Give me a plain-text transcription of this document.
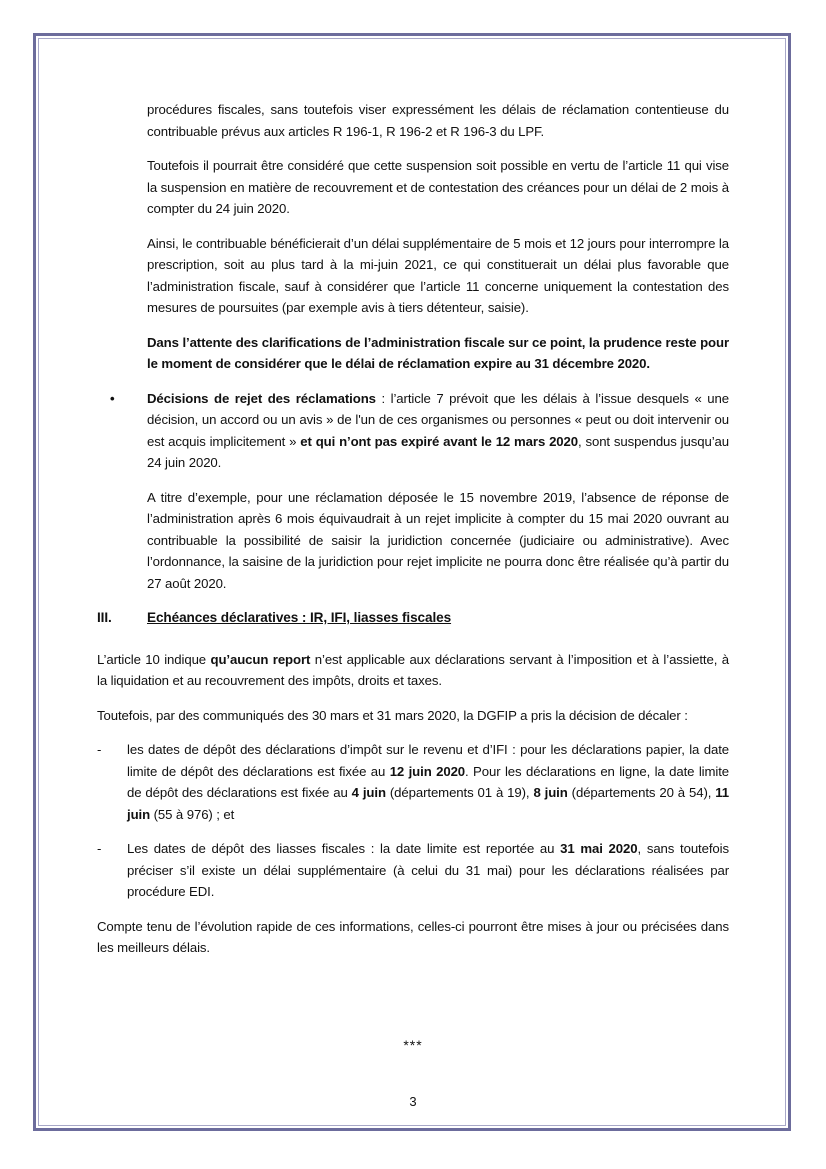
procédures fiscales, sans toutefois viser expressément les délais de réclamation contentieuse du contribuable prévus aux articles R 196-1, R 196-2 et R 196-3 du LPF.

Toutefois il pourrait être considéré que cette suspension soit possible en vertu de l’article 11 qui vise la suspension en matière de recouvrement et de contestation des créances pour un délai de 2 mois à compter du 24 juin 2020.

Ainsi, le contribuable bénéficierait d’un délai supplémentaire de 5 mois et 12 jours pour interrompre la prescription, soit au plus tard à la mi-juin 2021, ce qui constituerait un délai plus favorable que l’administration fiscale, sauf à considérer que l’article 11 concerne uniquement la contestation des mesures de poursuites (par exemple avis à tiers détenteur, saisie).

Dans l’attente des clarifications de l’administration fiscale sur ce point, la prudence reste pour le moment de considérer que le délai de réclamation expire au 31 décembre 2020.

• Décisions de rejet des réclamations : l’article 7 prévoit que les délais à l’issue desquels « une décision, un accord ou un avis » de l'un de ces organismes ou personnes « peut ou doit intervenir ou est acquis implicitement » et qui n’ont pas expiré avant le 12 mars 2020, sont suspendus jusqu’au 24 juin 2020.

A titre d’exemple, pour une réclamation déposée le 15 novembre 2019, l’absence de réponse de l’administration après 6 mois équivaudrait à un rejet implicite à compter du 15 mai 2020 ouvrant au contribuable la possibilité de saisir la juridiction concernée (judiciaire ou administrative). Avec l’ordonnance, la saisine de la juridiction pour rejet implicite ne pourra donc être réalisée qu’à partir du 27 août 2020.

III.	Echéances déclaratives : IR, IFI, liasses fiscales

L’article 10 indique qu’aucun report n’est applicable aux déclarations servant à l’imposition et à l’assiette, à la liquidation et au recouvrement des impôts, droits et taxes.

Toutefois, par des communiqués des 30 mars et 31 mars 2020, la DGFIP a pris la décision de décaler :

- les dates de dépôt des déclarations d’impôt sur le revenu et d’IFI : pour les déclarations papier, la date limite de dépôt des déclarations est fixée au 12 juin 2020. Pour les déclarations en ligne, la date limite de dépôt des déclarations est fixée au 4 juin (départements 01 à 19), 8 juin (départements 20 à 54), 11 juin (55 à 976) ; et
- Les dates de dépôt des liasses fiscales : la date limite est reportée au 31 mai 2020, sans toutefois préciser s’il existe un délai supplémentaire (à celui du 31 mai) pour les déclarations réalisées par procédure EDI.

Compte tenu de l’évolution rapide de ces informations, celles-ci pourront être mises à jour ou précisées dans les meilleurs délais.

***
3
